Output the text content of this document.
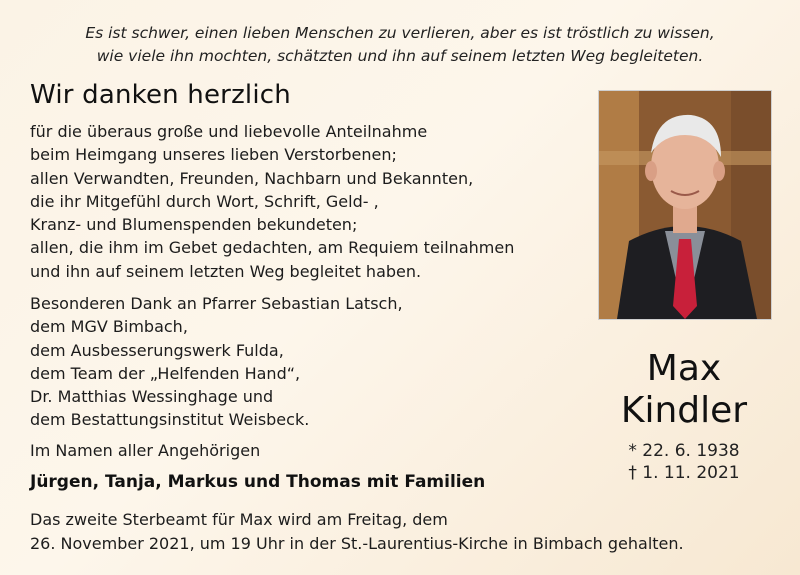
Es ist schwer, einen lieben Menschen zu verlieren, aber es ist tröstlich zu wissen,
wie viele ihn mochten, schätzten und ihn auf seinem letzten Weg begleiteten.
Wir danken herzlich
für die überaus große und liebevolle Anteilnahme
beim Heimgang unseres lieben Verstorbenen;
allen Verwandten, Freunden, Nachbarn und Bekannten,
die ihr Mitgefühl durch Wort, Schrift, Geld- ,
Kranz- und Blumenspenden bekundeten;
allen, die ihm im Gebet gedachten, am Requiem teilnahmen
und ihn auf seinem letzten Weg begleitet haben.
Besonderen Dank an Pfarrer Sebastian Latsch,
dem MGV Bimbach,
dem Ausbesserungswerk Fulda,
dem Team der „Helfenden Hand“,
Dr. Matthias Wessinghage und
dem Bestattungsinstitut Weisbeck.
Im Namen aller Angehörigen
Jürgen, Tanja, Markus und Thomas mit Familien
Das zweite Sterbeamt für Max wird am Freitag, dem
26. November 2021, um 19 Uhr in der St.-Laurentius-Kirche in Bimbach gehalten.
Max
Kindler
* 22. 6. 1938
† 1. 11. 2021
